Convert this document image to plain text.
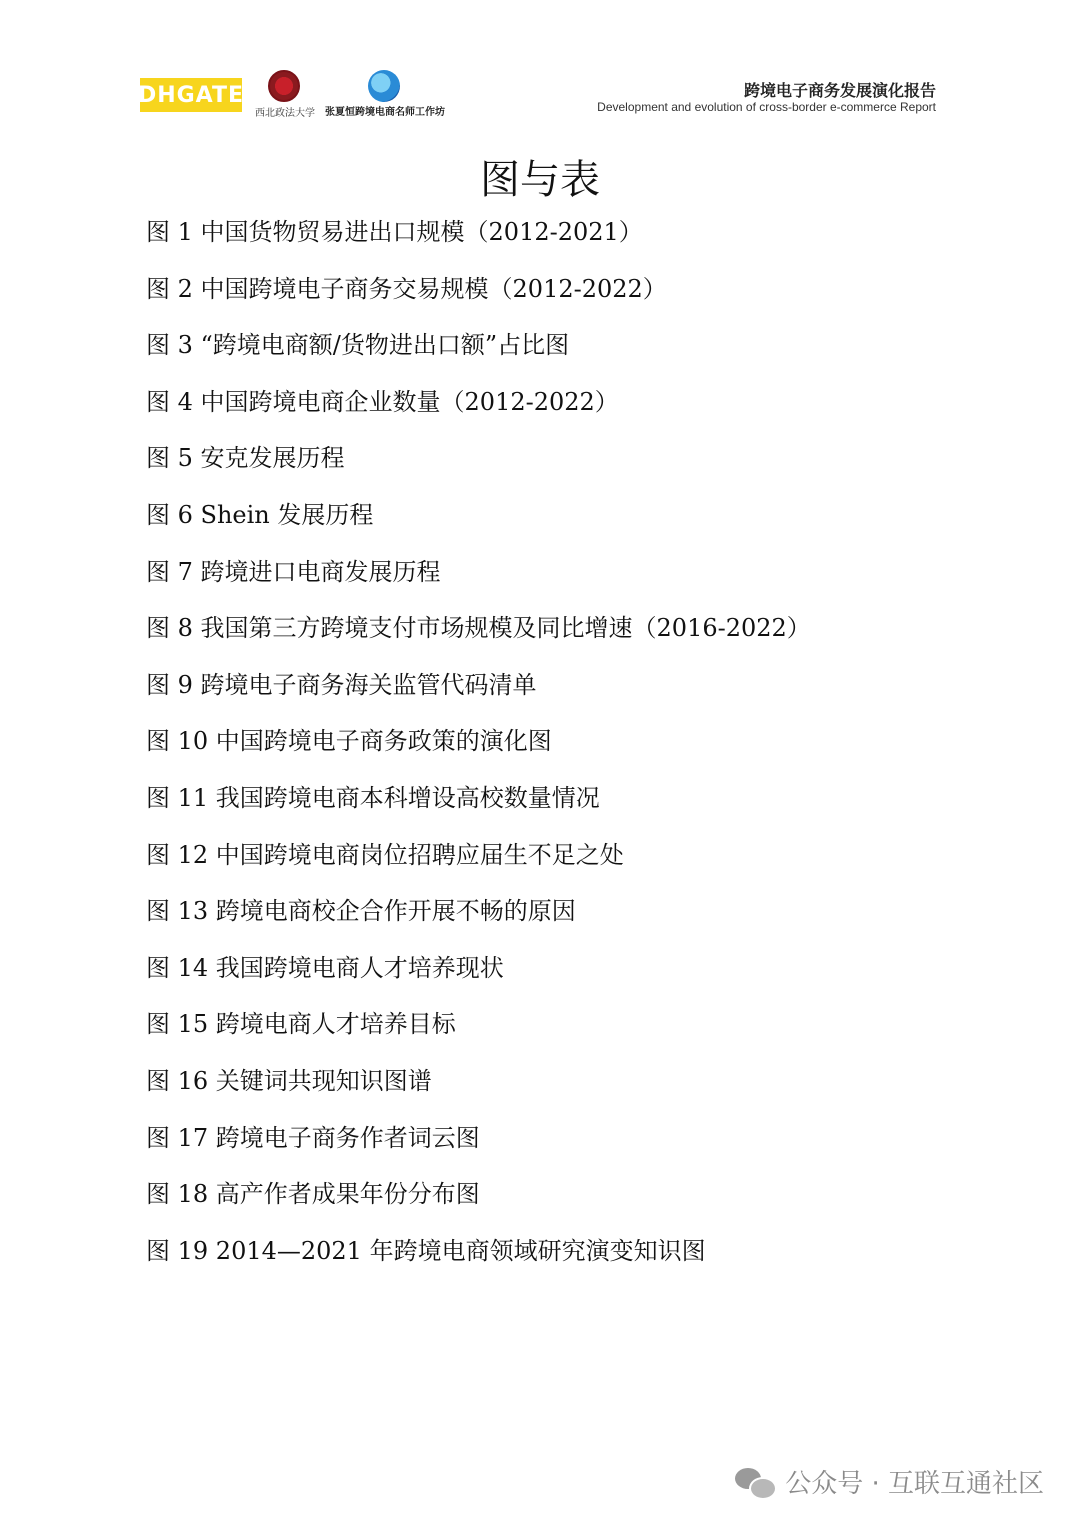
DHGATE
西北政法大学	张夏恒跨境电商名师工作坊
跨境电子商务发展演化报告
Development and evolution of cross-border e-commerce Report
图与表
图 1 中国货物贸易进出口规模（2012-2021）
图 2 中国跨境电子商务交易规模（2012-2022）
图 3 “跨境电商额/货物进出口额”占比图
图 4 中国跨境电商企业数量（2012-2022）
图 5 安克发展历程
图 6 Shein 发展历程
图 7 跨境进口电商发展历程
图 8 我国第三方跨境支付市场规模及同比增速（2016-2022）
图 9 跨境电子商务海关监管代码清单
图 10 中国跨境电子商务政策的演化图
图 11 我国跨境电商本科增设高校数量情况
图 12 中国跨境电商岗位招聘应届生不足之处
图 13 跨境电商校企合作开展不畅的原因
图 14 我国跨境电商人才培养现状
图 15 跨境电商人才培养目标
图 16 关键词共现知识图谱
图 17 跨境电子商务作者词云图
图 18 高产作者成果年份分布图
图 19 2014—2021 年跨境电商领域研究演变知识图
公众号 · 互联互通社区
